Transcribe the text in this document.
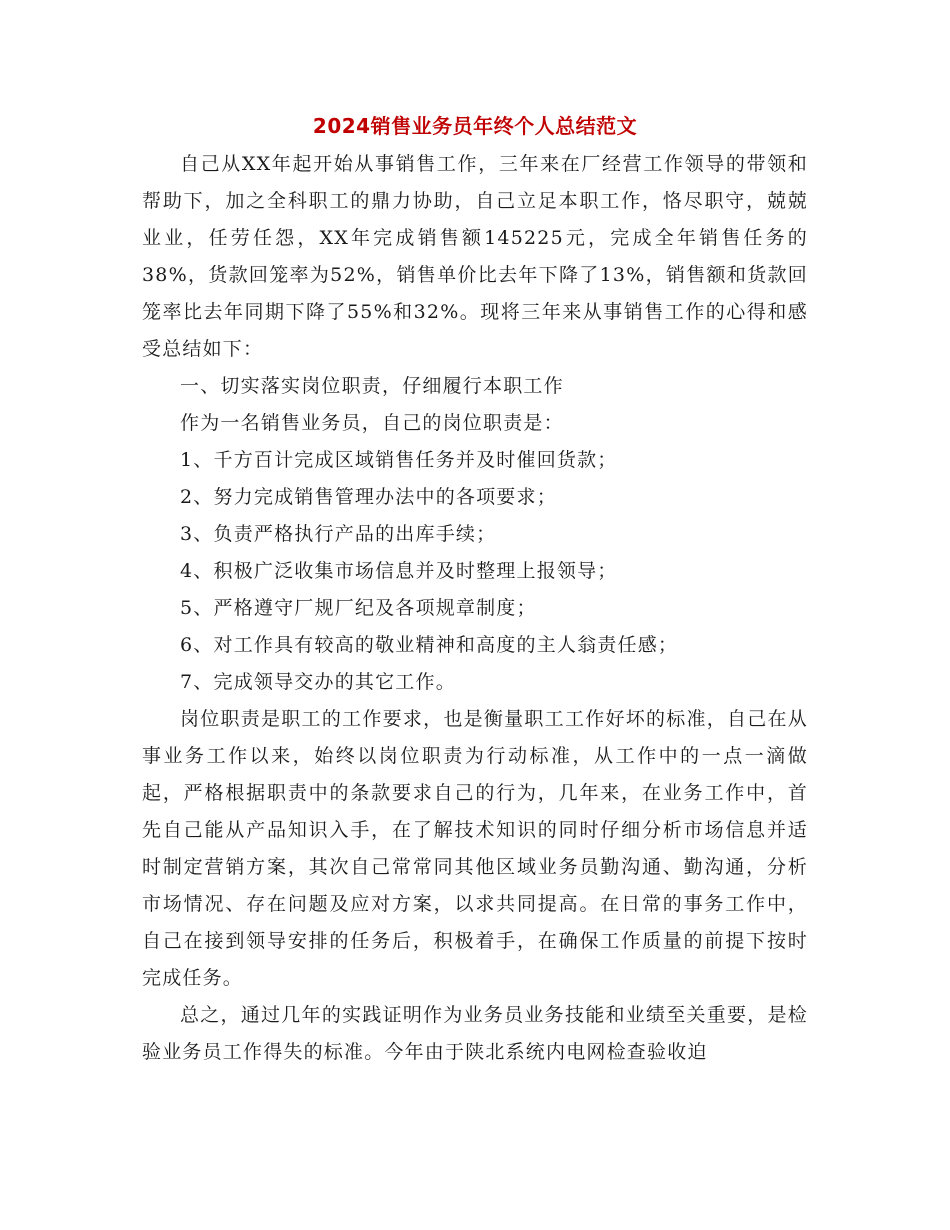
2024销售业务员年终个人总结范文

自己从XX年起开始从事销售工作，三年来在厂经营工作领导的带领和帮助下，加之全科职工的鼎力协助，自己立足本职工作，恪尽职守，兢兢业业，任劳任怨，XX年完成销售额145225元，完成全年销售任务的38%，货款回笼率为52%，销售单价比去年下降了13%，销售额和货款回笼率比去年同期下降了55%和32%。现将三年来从事销售工作的心得和感受总结如下：

一、切实落实岗位职责，仔细履行本职工作

作为一名销售业务员，自己的岗位职责是：

1、千方百计完成区域销售任务并及时催回货款；

2、努力完成销售管理办法中的各项要求；

3、负责严格执行产品的出库手续；

4、积极广泛收集市场信息并及时整理上报领导；

5、严格遵守厂规厂纪及各项规章制度；

6、对工作具有较高的敬业精神和高度的主人翁责任感；

7、完成领导交办的其它工作。

岗位职责是职工的工作要求，也是衡量职工工作好坏的标准，自己在从事业务工作以来，始终以岗位职责为行动标准，从工作中的一点一滴做起，严格根据职责中的条款要求自己的行为，几年来，在业务工作中，首先自己能从产品知识入手，在了解技术知识的同时仔细分析市场信息并适时制定营销方案，其次自己常常同其他区域业务员勤沟通、勤沟通，分析市场情况、存在问题及应对方案，以求共同提高。在日常的事务工作中，自己在接到领导安排的任务后，积极着手，在确保工作质量的前提下按时完成任务。

总之，通过几年的实践证明作为业务员业务技能和业绩至关重要，是检验业务员工作得失的标准。今年由于陕北系统内电网检查验收迫
